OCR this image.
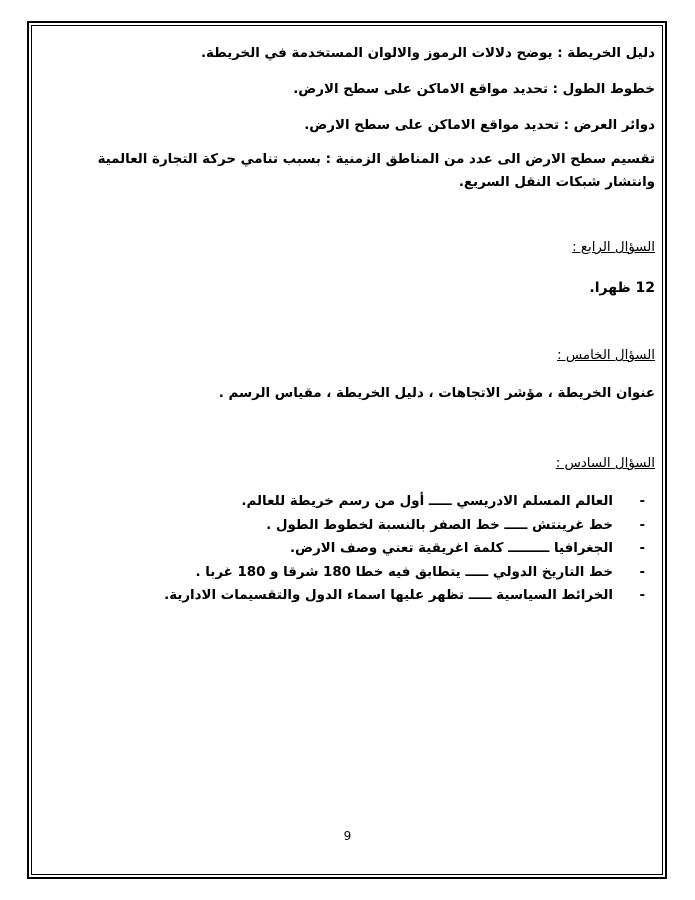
دليل الخريطة : يوضح دلالات الرموز والالوان المستخدمة في الخريطة.

خطوط الطول : تحديد مواقع الاماكن على سطح الارض.

دوائر العرض : تحديد مواقع الاماكن على سطح الارض.

تقسيم سطح الارض الى عدد من المناطق الزمنية : بسبب تنامي حركة التجارة العالمية وانتشار شبكات النقل السريع.

السؤال الرابع :
12 ظهرا.
السؤال الخامس :
عنوان الخريطة ، مؤشر الاتجاهات ، دليل الخريطة ، مقياس الرسم .
السؤال السادس :
-العالم المسلم الادريسي ـــــ أول من رسم خريطة للعالم.
-خط غرينتش ـــــ خط الصفر بالنسبة لخطوط الطول .
-الجغرافيا ـــــــــ كلمة اغريقية تعني وصف الارض.
-خط التاريخ الدولي ـــــ يتطابق فيه خطا 180 شرقا و 180 غربا .
-الخرائط السياسية ـــــ تظهر عليها اسماء الدول والتقسيمات الادارية.
9
